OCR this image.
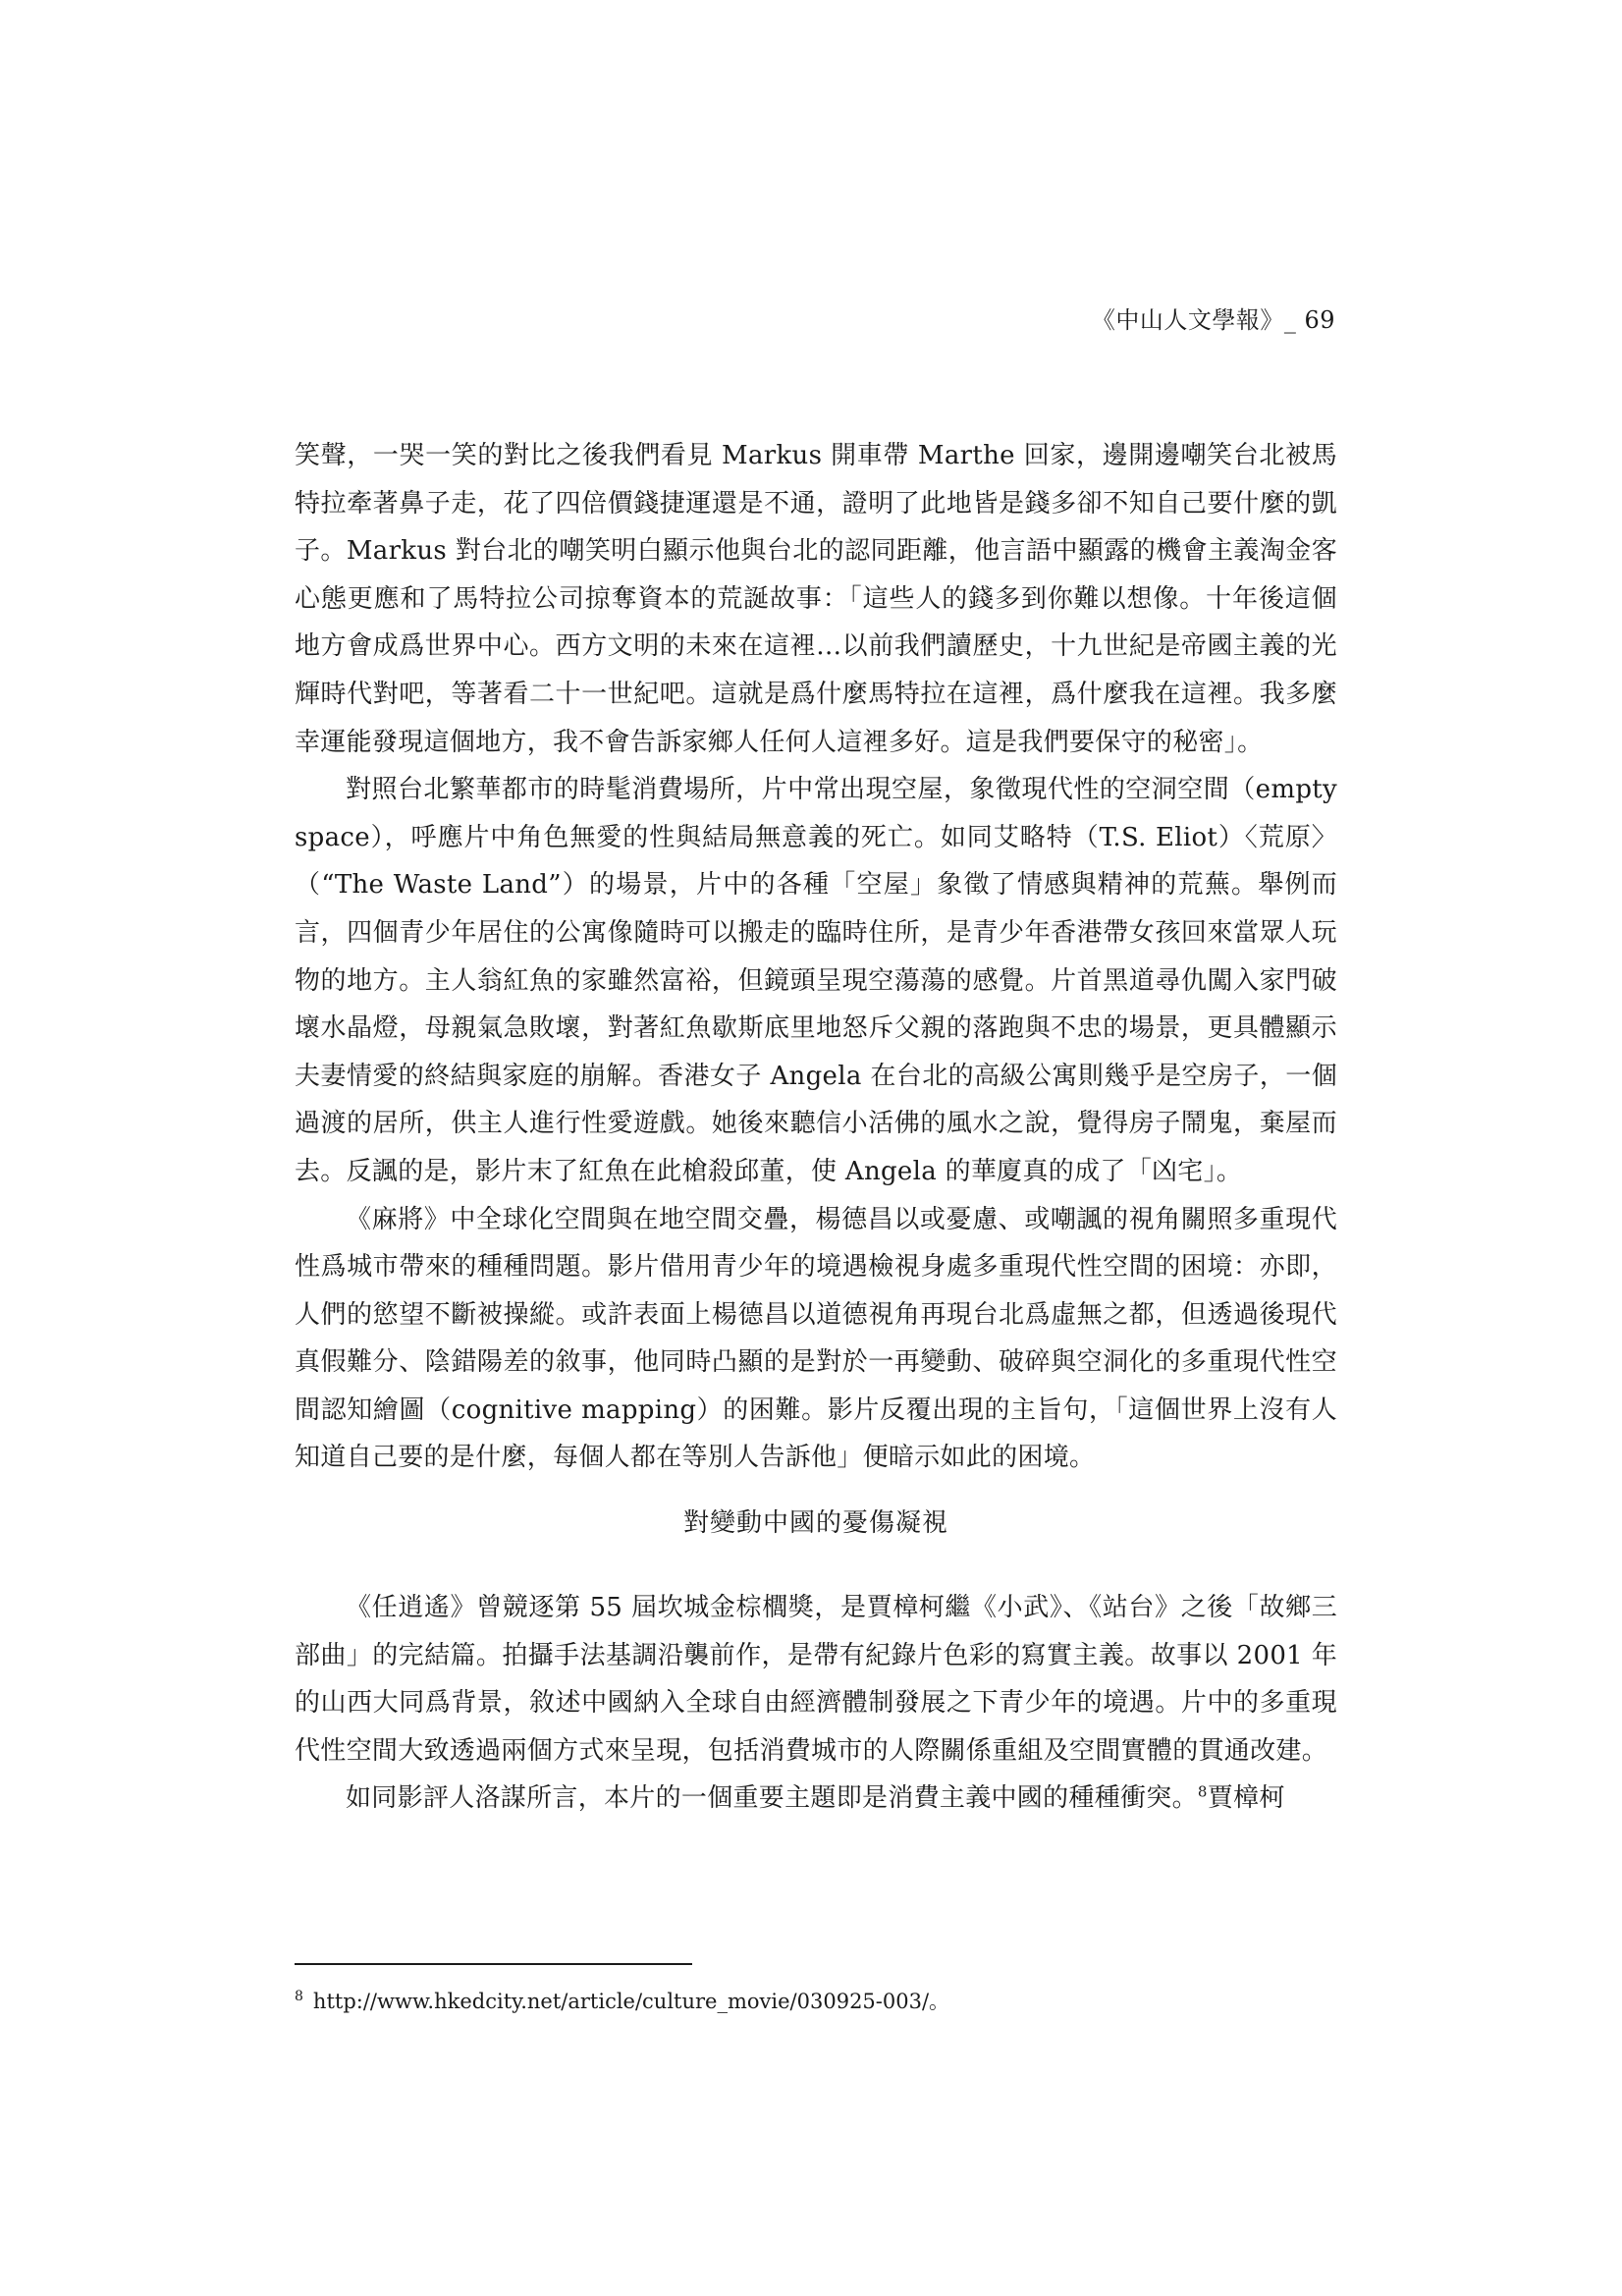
《中山人文學報》_ 69

笑聲，一哭一笑的對比之後我們看見 Markus 開車帶 Marthe 回家，邊開邊嘲笑台北被馬特拉牽著鼻子走，花了四倍價錢捷運還是不通，證明了此地皆是錢多卻不知自己要什麼的凱子。Markus 對台北的嘲笑明白顯示他與台北的認同距離，他言語中顯露的機會主義淘金客心態更應和了馬特拉公司掠奪資本的荒誕故事：「這些人的錢多到你難以想像。十年後這個地方會成爲世界中心。西方文明的未來在這裡…以前我們讀歷史，十九世紀是帝國主義的光輝時代對吧，等著看二十一世紀吧。這就是爲什麼馬特拉在這裡，爲什麼我在這裡。我多麼幸運能發現這個地方，我不會告訴家鄉人任何人這裡多好。這是我們要保守的秘密」。

對照台北繁華都市的時髦消費場所，片中常出現空屋，象徵現代性的空洞空間（empty space），呼應片中角色無愛的性與結局無意義的死亡。如同艾略特（T.S. Eliot）〈荒原〉（“The Waste Land”）的場景，片中的各種「空屋」象徵了情感與精神的荒蕪。舉例而言，四個青少年居住的公寓像隨時可以搬走的臨時住所，是青少年香港帶女孩回來當眾人玩物的地方。主人翁紅魚的家雖然富裕，但鏡頭呈現空蕩蕩的感覺。片首黑道尋仇闖入家門破壞水晶燈，母親氣急敗壞，對著紅魚歇斯底里地怒斥父親的落跑與不忠的場景，更具體顯示夫妻情愛的終結與家庭的崩解。香港女子 Angela 在台北的高級公寓則幾乎是空房子，一個過渡的居所，供主人進行性愛遊戲。她後來聽信小活佛的風水之說，覺得房子鬧鬼，棄屋而去。反諷的是，影片末了紅魚在此槍殺邱董，使 Angela 的華廈真的成了「凶宅」。

《麻將》中全球化空間與在地空間交疊，楊德昌以或憂慮、或嘲諷的視角關照多重現代性爲城市帶來的種種問題。影片借用青少年的境遇檢視身處多重現代性空間的困境：亦即，人們的慾望不斷被操縱。或許表面上楊德昌以道德視角再現台北爲虛無之都，但透過後現代真假難分、陰錯陽差的敘事，他同時凸顯的是對於一再變動、破碎與空洞化的多重現代性空間認知繪圖（cognitive mapping）的困難。影片反覆出現的主旨句，「這個世界上沒有人知道自己要的是什麼，每個人都在等別人告訴他」便暗示如此的困境。

對變動中國的憂傷凝視

《任逍遙》曾競逐第 55 屆坎城金棕櫚獎，是賈樟柯繼《小武》、《站台》之後「故鄉三部曲」的完結篇。拍攝手法基調沿襲前作，是帶有紀錄片色彩的寫實主義。故事以 2001 年的山西大同爲背景，敘述中國納入全球自由經濟體制發展之下青少年的境遇。片中的多重現代性空間大致透過兩個方式來呈現，包括消費城市的人際關係重組及空間實體的貫通改建。

如同影評人洛謀所言，本片的一個重要主題即是消費主義中國的種種衝突。$^8$賈樟柯

$^8$ http://www.hkedcity.net/article/culture_movie/030925-003/。
